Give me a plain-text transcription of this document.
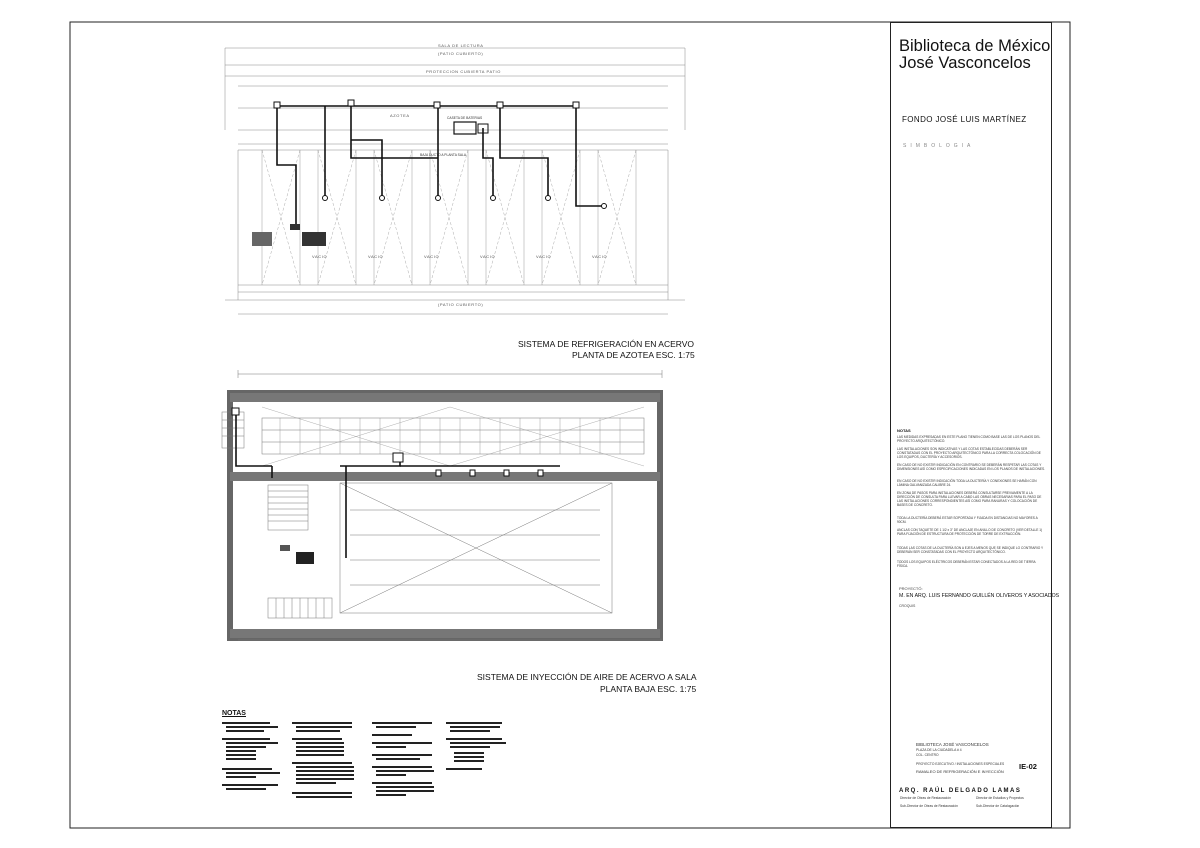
Biblioteca de México
José Vasconcelos
FONDO JOSÉ LUIS MARTÍNEZ
SIMBOLOGIA
NOTAS
LAS MEDIDAS EXPRESADAS EN ESTE PLANO TIENEN COMO BASE LAS DE LOS PLANOS DEL PROYECTO ARQUITECTÓNICO.
LAS INSTALACIONES SON INDICATIVAS Y LAS COTAS ESTABLECIDAS DEBERÁN SER CONSTATADAS CON EL PROYECTO ARQUITECTÓNICO PARA LA CORRECTA COLOCACIÓN DE LOS EQUIPOS, DUCTERÍA Y ACCESORIOS.
EN CASO DE NO EXISTIR INDICACIÓN EN CONTRARIO SE DEBERÁN RESPETAR LAS COTAS Y DIMENSIONES ASÍ COMO ESPECIFICACIONES INDICADAS EN LOS PLANOS DE INSTALACIONES.
EN CASO DE NO EXISTIR INDICACIÓN TODA LA DUCTERÍA Y CONEXIONES SE HARÁN CON LÁMINA GALVANIZADA CALIBRE 24.
EN ZONA DE PASOS PARA INSTALACIONES DEBERÁ CONSULTARSE PREVIAMENTE A LA DIRECCIÓN DE CONSULTA PARA LLEVAR A CABO LAS OBRAS NECESARIAS PARA EL PASO DE LAS INSTALACIONES CORRESPONDIENTES ASÍ COMO PARA RANURAS Y COLOCACIÓN DE BASES DE CONCRETO.
TODA LA DUCTERÍA DEBERÁ ESTAR SOPORTADA Y FIJADA EN DISTANCIAS NO MAYORES A 90CM.
ANCLAS CON TAQUETE DE 1 1/2 x 3" DE ANCLAJE EN ANILLO DE CONCRETO (VER DETALLE 1) PARA FIJACIÓN DE ESTRUCTURA DE PROTECCIÓN DE TORRE DE EXTRACCIÓN.
TODAS LAS COTAS DE LA DUCTERÍA SON A EJES A MENOS QUE SE INDIQUE LO CONTRARIO Y DEBERÁN SER CONSTATADAS CON EL PROYECTO ARQUITECTÓNICO.
TODOS LOS EQUIPOS ELÉCTRICOS DEBERÁN ESTAR CONECTADOS A LA RED DE TIERRA FÍSICA.
PROYECTÓ:
M. EN ARQ. LUIS FERNANDO GUILLÉN OLIVEROS Y ASOCIADOS
CROQUIS
BIBLIOTECA JOSÉ VASCONCELOS
PLAZA DE LA CIUDADELA # 4
COL. CENTRO
PROYECTO EJECUTIVO / INSTALACIONES ESPECIALES
RAMALEO DE REFRIGERACIÓN E INYECCIÓN
IE-02
ARQ. RAÚL DELGADO LAMAS
Director de Obras de Restauración	Director de Estudios y Proyectos
Sub-Director de Obras de Restauración	Sub-Director de Catalogación
SALA DE LECTURA
(PATIO CUBIERTO)
PROTECCION CUBIERTA PATIO
AZOTEA	CASETA DE BATERIAS
BAJA DUCTO A PLANTA SALA
VACIO	VACIO	VACIO	VACIO	VACIO	VACIO
(PATIO CUBIERTO)
SISTEMA DE REFRIGERACIÓN EN ACERVO
PLANTA DE AZOTEA ESC. 1:75
SISTEMA DE INYECCIÓN DE AIRE DE ACERVO A SALA
PLANTA BAJA ESC. 1:75
NOTAS
